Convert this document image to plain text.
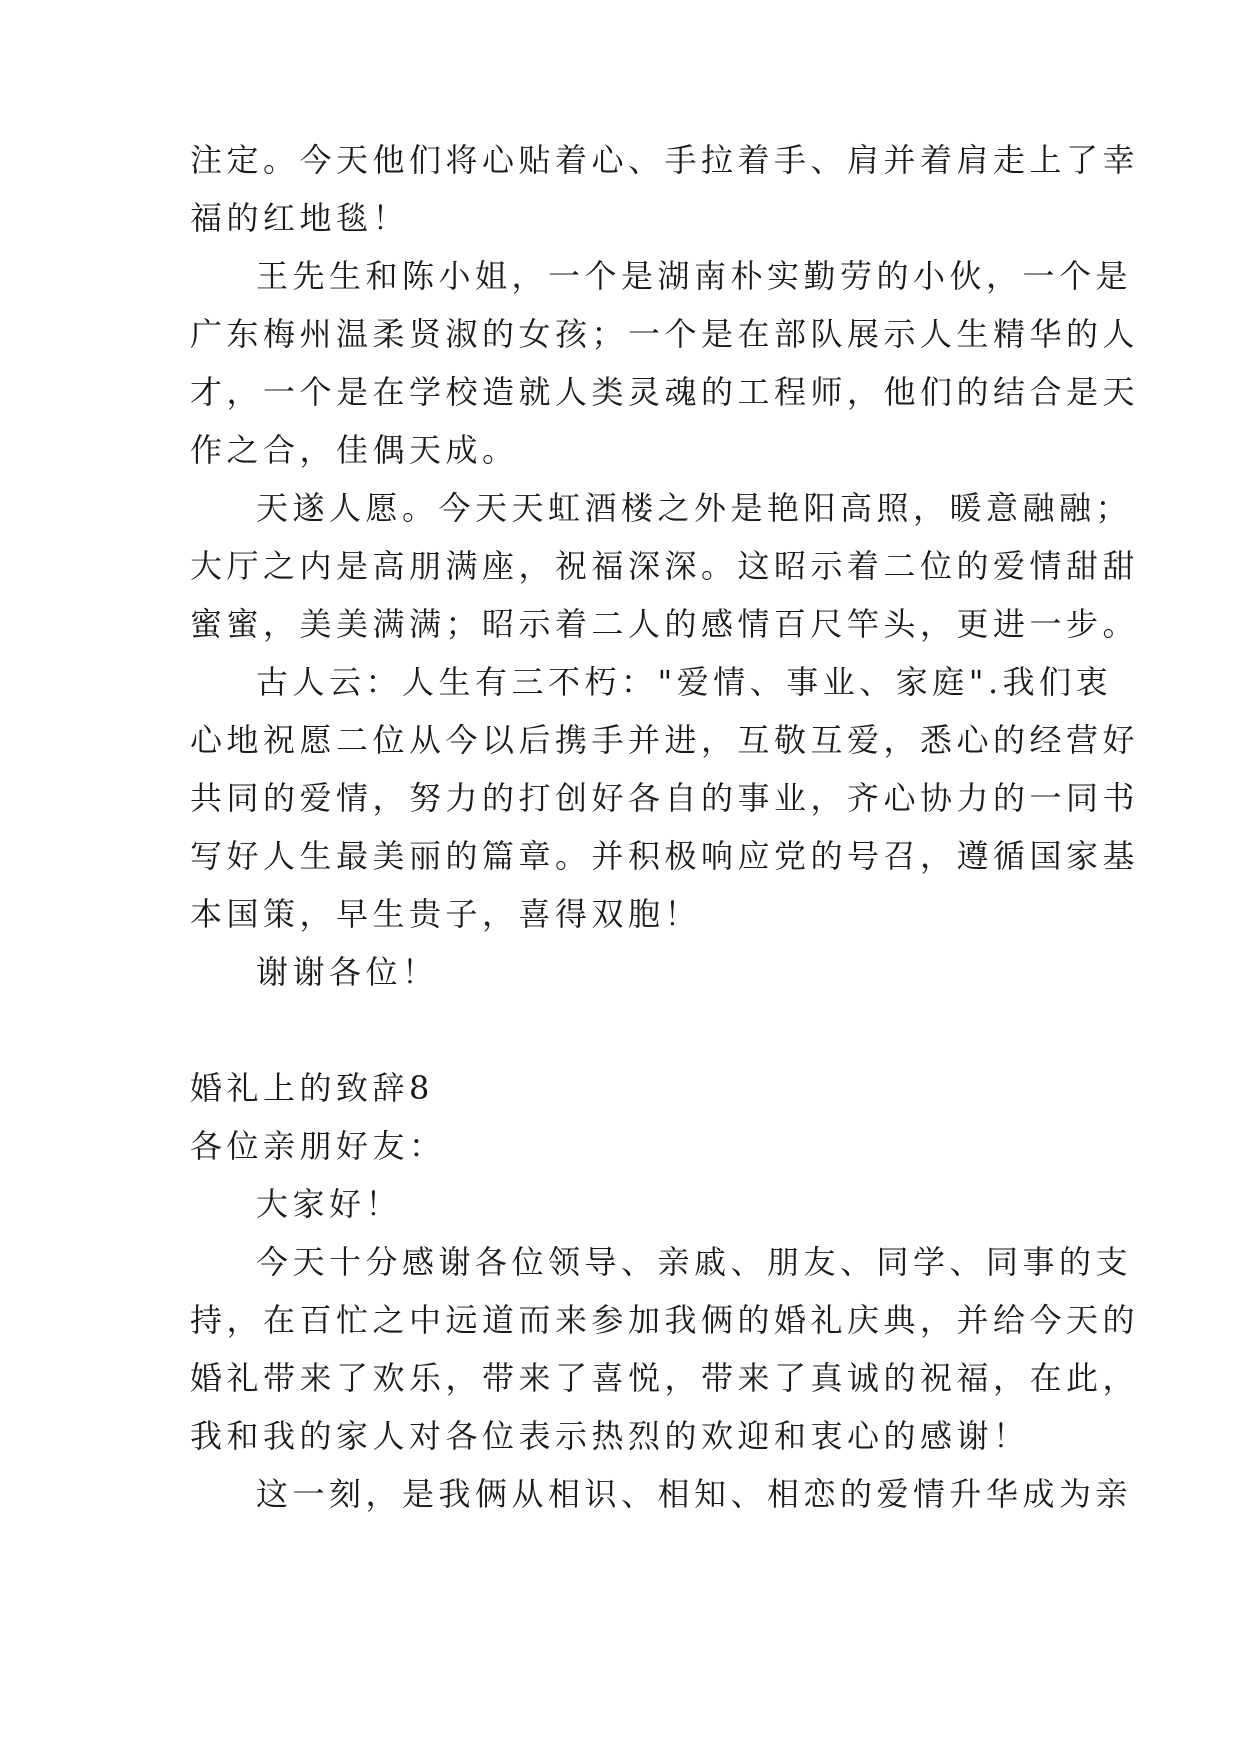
注定。今天他们将心贴着心、手拉着手、肩并着肩走上了幸
福的红地毯！
王先生和陈小姐，一个是湖南朴实勤劳的小伙，一个是
广东梅州温柔贤淑的女孩；一个是在部队展示人生精华的人
才，一个是在学校造就人类灵魂的工程师，他们的结合是天
作之合，佳偶天成。
天遂人愿。今天天虹酒楼之外是艳阳高照，暖意融融；
大厅之内是高朋满座，祝福深深。这昭示着二位的爱情甜甜
蜜蜜，美美满满；昭示着二人的感情百尺竿头，更进一步。
古人云：人生有三不朽："爱情、事业、家庭".我们衷
心地祝愿二位从今以后携手并进，互敬互爱，悉心的经营好
共同的爱情，努力的打创好各自的事业，齐心协力的一同书
写好人生最美丽的篇章。并积极响应党的号召，遵循国家基
本国策，早生贵子，喜得双胞！
谢谢各位！
婚礼上的致辞8
各位亲朋好友：
大家好！
今天十分感谢各位领导、亲戚、朋友、同学、同事的支
持，在百忙之中远道而来参加我俩的婚礼庆典，并给今天的
婚礼带来了欢乐，带来了喜悦，带来了真诚的祝福，在此，
我和我的家人对各位表示热烈的欢迎和衷心的感谢！
这一刻，是我俩从相识、相知、相恋的爱情升华成为亲
